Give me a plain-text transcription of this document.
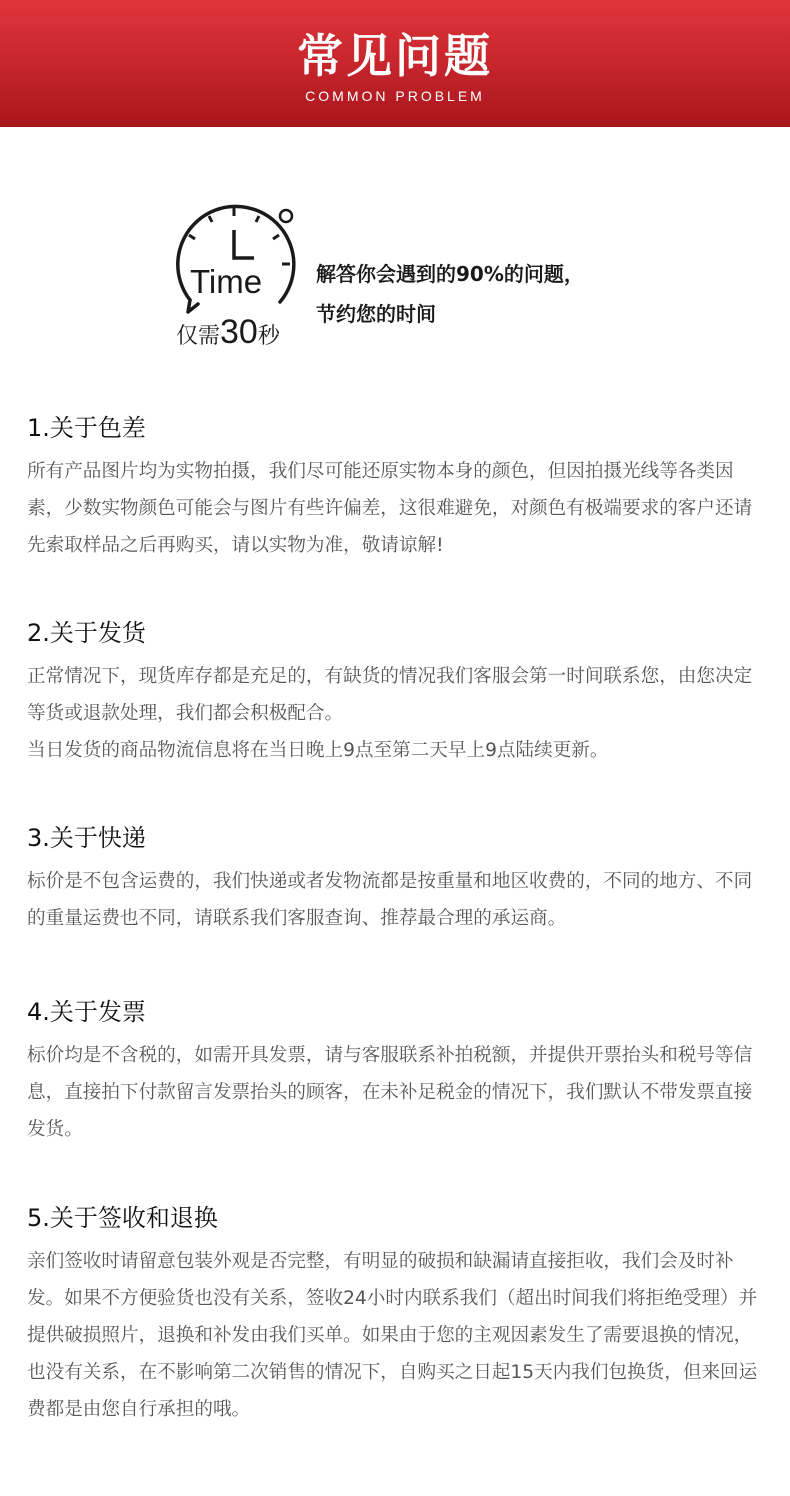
常见问题
COMMON PROBLEM
Time
仅需30秒
解答你会遇到的90%的问题，
节约您的时间
1.关于色差

所有产品图片均为实物拍摄，我们尽可能还原实物本身的颜色，但因拍摄光线等各类因素，少数实物颜色可能会与图片有些许偏差，这很难避免，对颜色有极端要求的客户还请先索取样品之后再购买，请以实物为准，敬请谅解!

2.关于发货

正常情况下，现货库存都是充足的，有缺货的情况我们客服会第一时间联系您，由您决定等货或退款处理，我们都会积极配合。

当日发货的商品物流信息将在当日晚上9点至第二天早上9点陆续更新。

3.关于快递

标价是不包含运费的，我们快递或者发物流都是按重量和地区收费的，不同的地方、不同的重量运费也不同，请联系我们客服查询、推荐最合理的承运商。

4.关于发票

标价均是不含税的，如需开具发票，请与客服联系补拍税额，并提供开票抬头和税号等信息，直接拍下付款留言发票抬头的顾客，在未补足税金的情况下，我们默认不带发票直接发货。

5.关于签收和退换

亲们签收时请留意包装外观是否完整，有明显的破损和缺漏请直接拒收，我们会及时补发。如果不方便验货也没有关系，签收24小时内联系我们（超出时间我们将拒绝受理）并提供破损照片，退换和补发由我们买单。如果由于您的主观因素发生了需要退换的情况，也没有关系，在不影响第二次销售的情况下，自购买之日起15天内我们包换货，但来回运费都是由您自行承担的哦。
